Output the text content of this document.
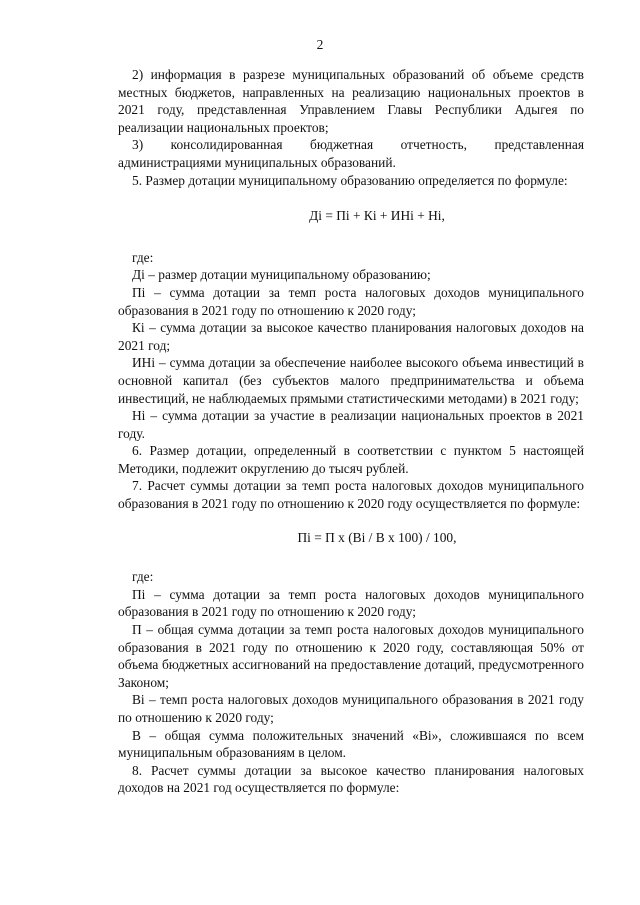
2

2) информация в разрезе муниципальных образований об объеме средств местных бюджетов, направленных на реализацию национальных проектов в 2021 году, представленная Управлением Главы Республики Адыгея по реализации национальных проектов;

3) консолидированная бюджетная отчетность, представленная администрациями муниципальных образований.

5. Размер дотации муниципальному образованию определяется по формуле:

Дi = Пi + Кi + ИНi + Нi,

где:

Дi – размер дотации муниципальному образованию;

Пi – сумма дотации за темп роста налоговых доходов муниципального образования в 2021 году по отношению к 2020 году;

Кi – сумма дотации за высокое качество планирования налоговых доходов на 2021 год;

ИНi – сумма дотации за обеспечение наиболее высокого объема инвестиций в основной капитал (без субъектов малого предпринимательства и объема инвестиций, не наблюдаемых прямыми статистическими методами) в 2021 году;

Нi – сумма дотации за участие в реализации национальных проектов в 2021 году.

6. Размер дотации, определенный в соответствии с пунктом 5 настоящей Методики, подлежит округлению до тысяч рублей.

7. Расчет суммы дотации за темп роста налоговых доходов муниципального образования в 2021 году по отношению к 2020 году осуществляется по формуле:

Пi = П х (Вi / В х 100) / 100,

где:

Пi – сумма дотации за темп роста налоговых доходов муниципального образования в 2021 году по отношению к 2020 году;

П – общая сумма дотации за темп роста налоговых доходов муниципального образования в 2021 году по отношению к 2020 году, составляющая 50% от объема бюджетных ассигнований на предоставление дотаций, предусмотренного Законом;

Вi – темп роста налоговых доходов муниципального образования в 2021 году по отношению к 2020 году;

В – общая сумма положительных значений «Вi», сложившаяся по всем муниципальным образованиям в целом.

8. Расчет суммы дотации за высокое качество планирования налоговых доходов на 2021 год осуществляется по формуле:
